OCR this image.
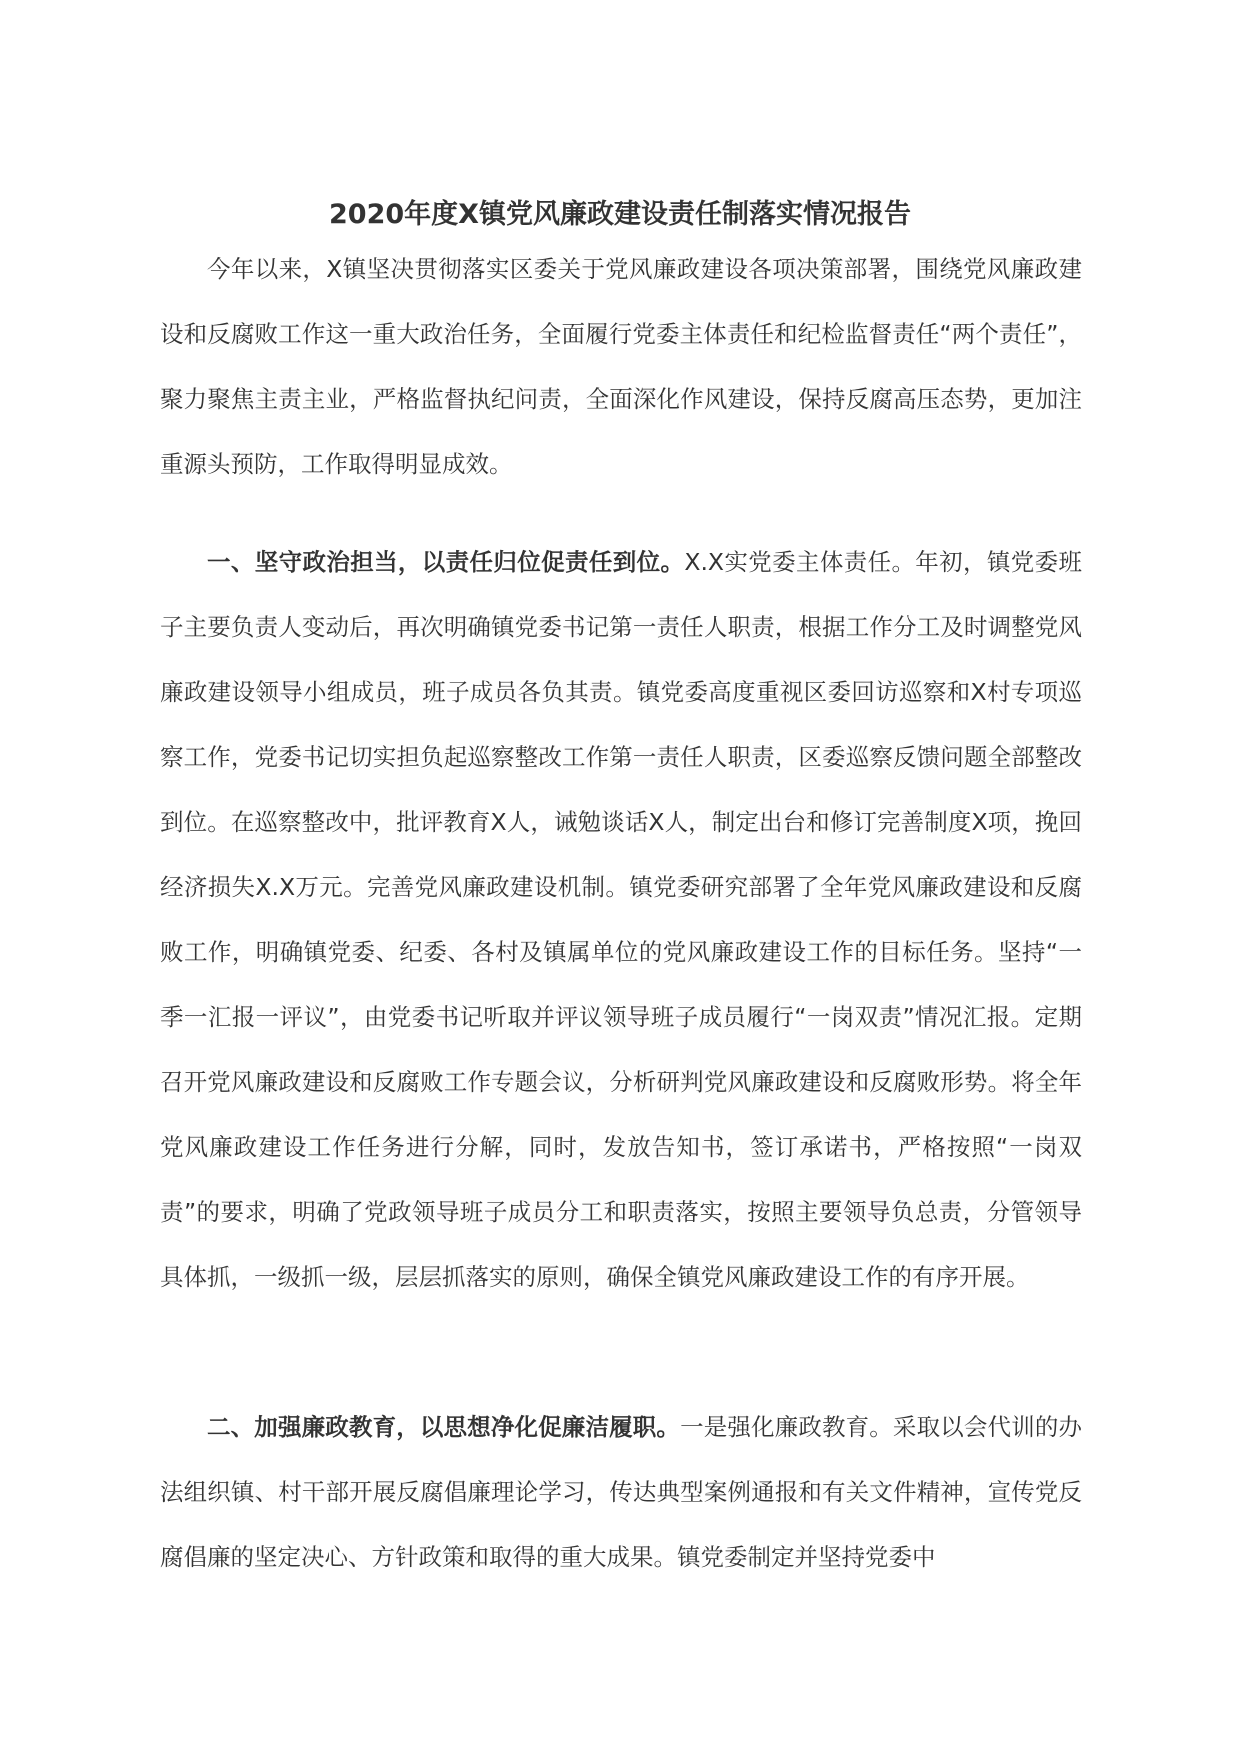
2020年度X镇党风廉政建设责任制落实情况报告

今年以来，X镇坚决贯彻落实区委关于党风廉政建设各项决策部署，围绕党风廉政建设和反腐败工作这一重大政治任务，全面履行党委主体责任和纪检监督责任“两个责任”，聚力聚焦主责主业，严格监督执纪问责，全面深化作风建设，保持反腐高压态势，更加注重源头预防，工作取得明显成效。

一、坚守政治担当，以责任归位促责任到位。X.X实党委主体责任。年初，镇党委班子主要负责人变动后，再次明确镇党委书记第一责任人职责，根据工作分工及时调整党风廉政建设领导小组成员，班子成员各负其责。镇党委高度重视区委回访巡察和X村专项巡察工作，党委书记切实担负起巡察整改工作第一责任人职责，区委巡察反馈问题全部整改到位。在巡察整改中，批评教育X人，诫勉谈话X人，制定出台和修订完善制度X项，挽回经济损失X.X万元。完善党风廉政建设机制。镇党委研究部署了全年党风廉政建设和反腐败工作，明确镇党委、纪委、各村及镇属单位的党风廉政建设工作的目标任务。坚持“一季一汇报一评议”，由党委书记听取并评议领导班子成员履行“一岗双责”情况汇报。定期召开党风廉政建设和反腐败工作专题会议，分析研判党风廉政建设和反腐败形势。将全年党风廉政建设工作任务进行分解，同时，发放告知书，签订承诺书，严格按照“一岗双责”的要求，明确了党政领导班子成员分工和职责落实，按照主要领导负总责，分管领导具体抓，一级抓一级，层层抓落实的原则，确保全镇党风廉政建设工作的有序开展。

二、加强廉政教育，以思想净化促廉洁履职。一是强化廉政教育。采取以会代训的办法组织镇、村干部开展反腐倡廉理论学习，传达典型案例通报和有关文件精神，宣传党反腐倡廉的坚定决心、方针政策和取得的重大成果。镇党委制定并坚持党委中
